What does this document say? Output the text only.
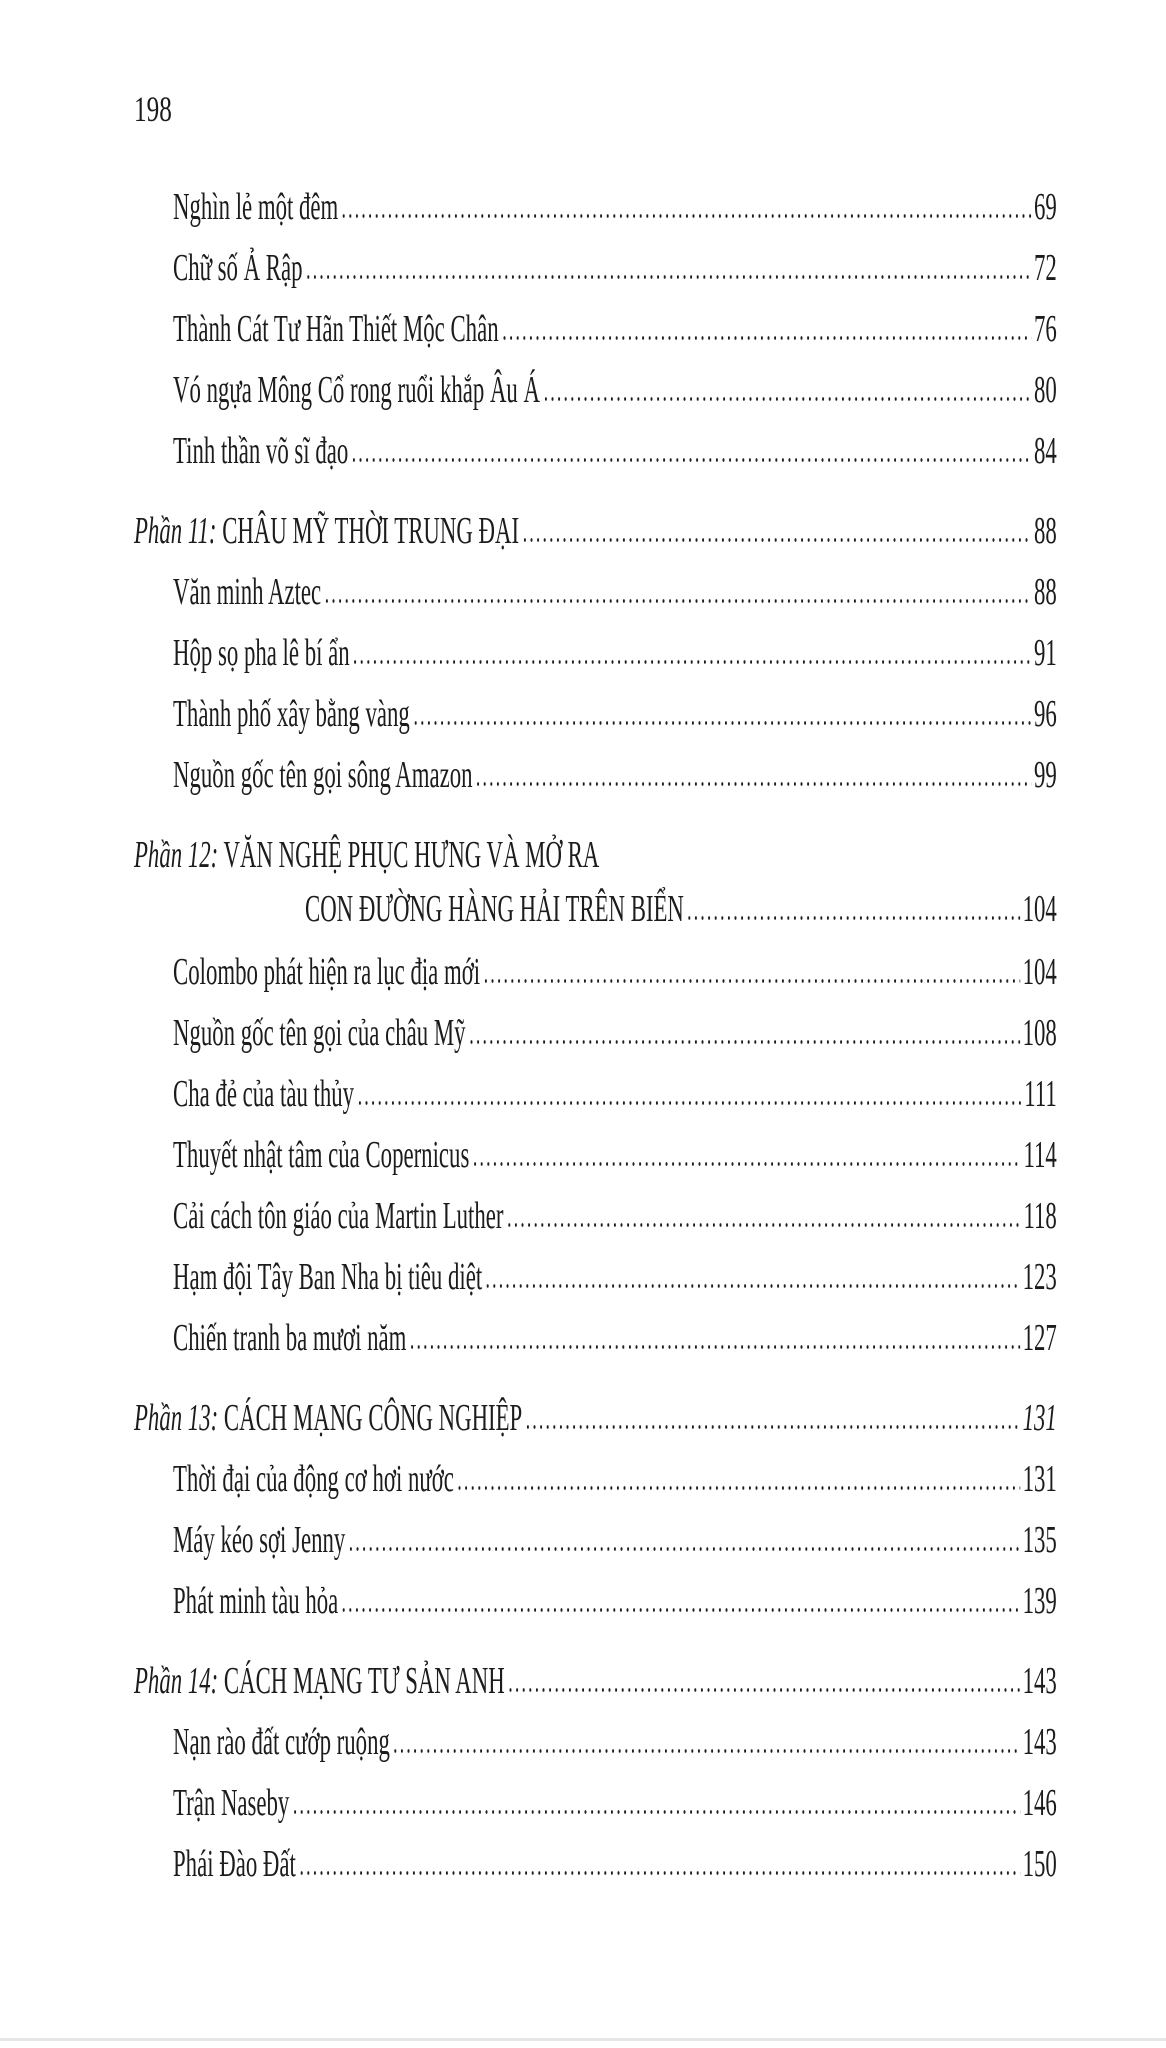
198
Nghìn lẻ một đêm	69
Chữ số Ả Rập	72
Thành Cát Tư Hãn Thiết Mộc Chân	76
Vó ngựa Mông Cổ rong ruổi khắp Âu Á	80
Tinh thần võ sĩ đạo	84
Phần 11: CHÂU MỸ THỜI TRUNG ĐẠI	88
Văn minh Aztec	88
Hộp sọ pha lê bí ẩn	91
Thành phố xây bằng vàng	96
Nguồn gốc tên gọi sông Amazon	99
Phần 12: VĂN NGHỆ PHỤC HƯNG VÀ MỞ RA
CON ĐƯỜNG HÀNG HẢI TRÊN BIỂN	104
Colombo phát hiện ra lục địa mới	104
Nguồn gốc tên gọi của châu Mỹ	108
Cha đẻ của tàu thủy	111
Thuyết nhật tâm của Copernicus	114
Cải cách tôn giáo của Martin Luther	118
Hạm đội Tây Ban Nha bị tiêu diệt	123
Chiến tranh ba mươi năm	127
Phần 13: CÁCH MẠNG CÔNG NGHIỆP	131
Thời đại của động cơ hơi nước	131
Máy kéo sợi Jenny	135
Phát minh tàu hỏa	139
Phần 14: CÁCH MẠNG TƯ SẢN ANH	143
Nạn rào đất cướp ruộng	143
Trận Naseby	146
Phái Đào Đất	150
